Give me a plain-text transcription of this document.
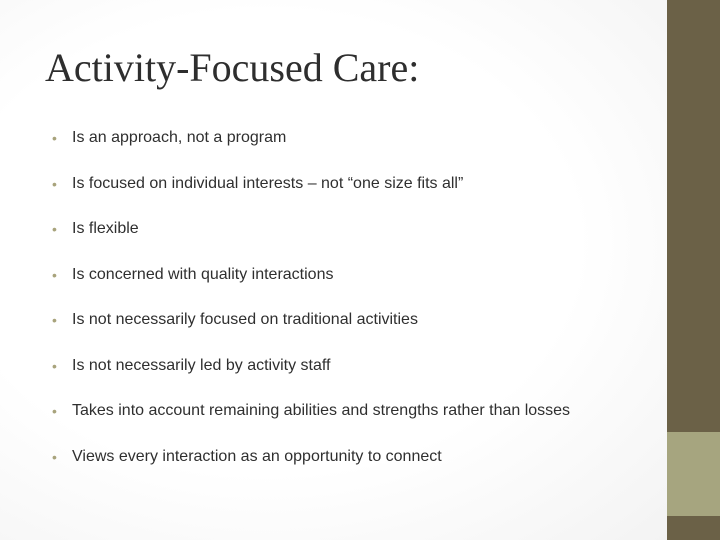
Activity-Focused Care:
• Is an approach, not a program
• Is focused on individual interests – not “one size fits all”
• Is flexible
• Is concerned with quality interactions
• Is not necessarily focused on traditional activities
• Is not necessarily led by activity staff
• Takes into account remaining abilities and strengths rather than losses
• Views every interaction as an opportunity to connect
